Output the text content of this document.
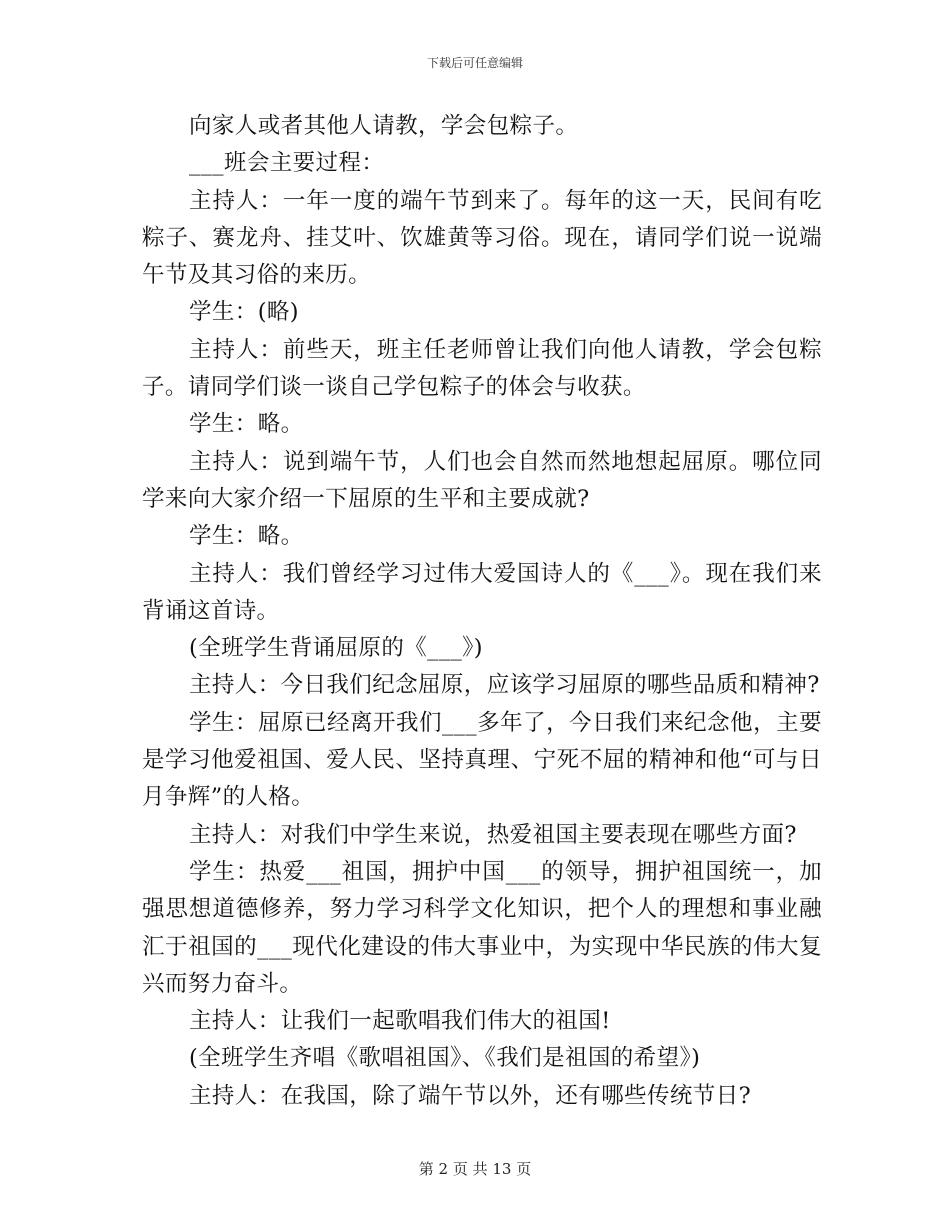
下载后可任意编辑

向家人或者其他人请教，学会包粽子。

___班会主要过程：

主持人：一年一度的端午节到来了。每年的这一天，民间有吃粽子、赛龙舟、挂艾叶、饮雄黄等习俗。现在，请同学们说一说端午节及其习俗的来历。

学生：(略)

主持人：前些天，班主任老师曾让我们向他人请教，学会包粽子。请同学们谈一谈自己学包粽子的体会与收获。

学生：略。

主持人：说到端午节，人们也会自然而然地想起屈原。哪位同学来向大家介绍一下屈原的生平和主要成就?

学生：略。

主持人：我们曾经学习过伟大爱国诗人的《___》。现在我们来背诵这首诗。

(全班学生背诵屈原的《___》)

主持人：今日我们纪念屈原，应该学习屈原的哪些品质和精神?

学生：屈原已经离开我们___多年了，今日我们来纪念他，主要是学习他爱祖国、爱人民、坚持真理、宁死不屈的精神和他“可与日月争辉”的人格。

主持人：对我们中学生来说，热爱祖国主要表现在哪些方面?

学生：热爱___祖国，拥护中国___的领导，拥护祖国统一，加强思想道德修养，努力学习科学文化知识，把个人的理想和事业融汇于祖国的___现代化建设的伟大事业中，为实现中华民族的伟大复兴而努力奋斗。

主持人：让我们一起歌唱我们伟大的祖国!

(全班学生齐唱《歌唱祖国》、《我们是祖国的希望》)

主持人：在我国，除了端午节以外，还有哪些传统节日?

第 2 页 共 13 页
